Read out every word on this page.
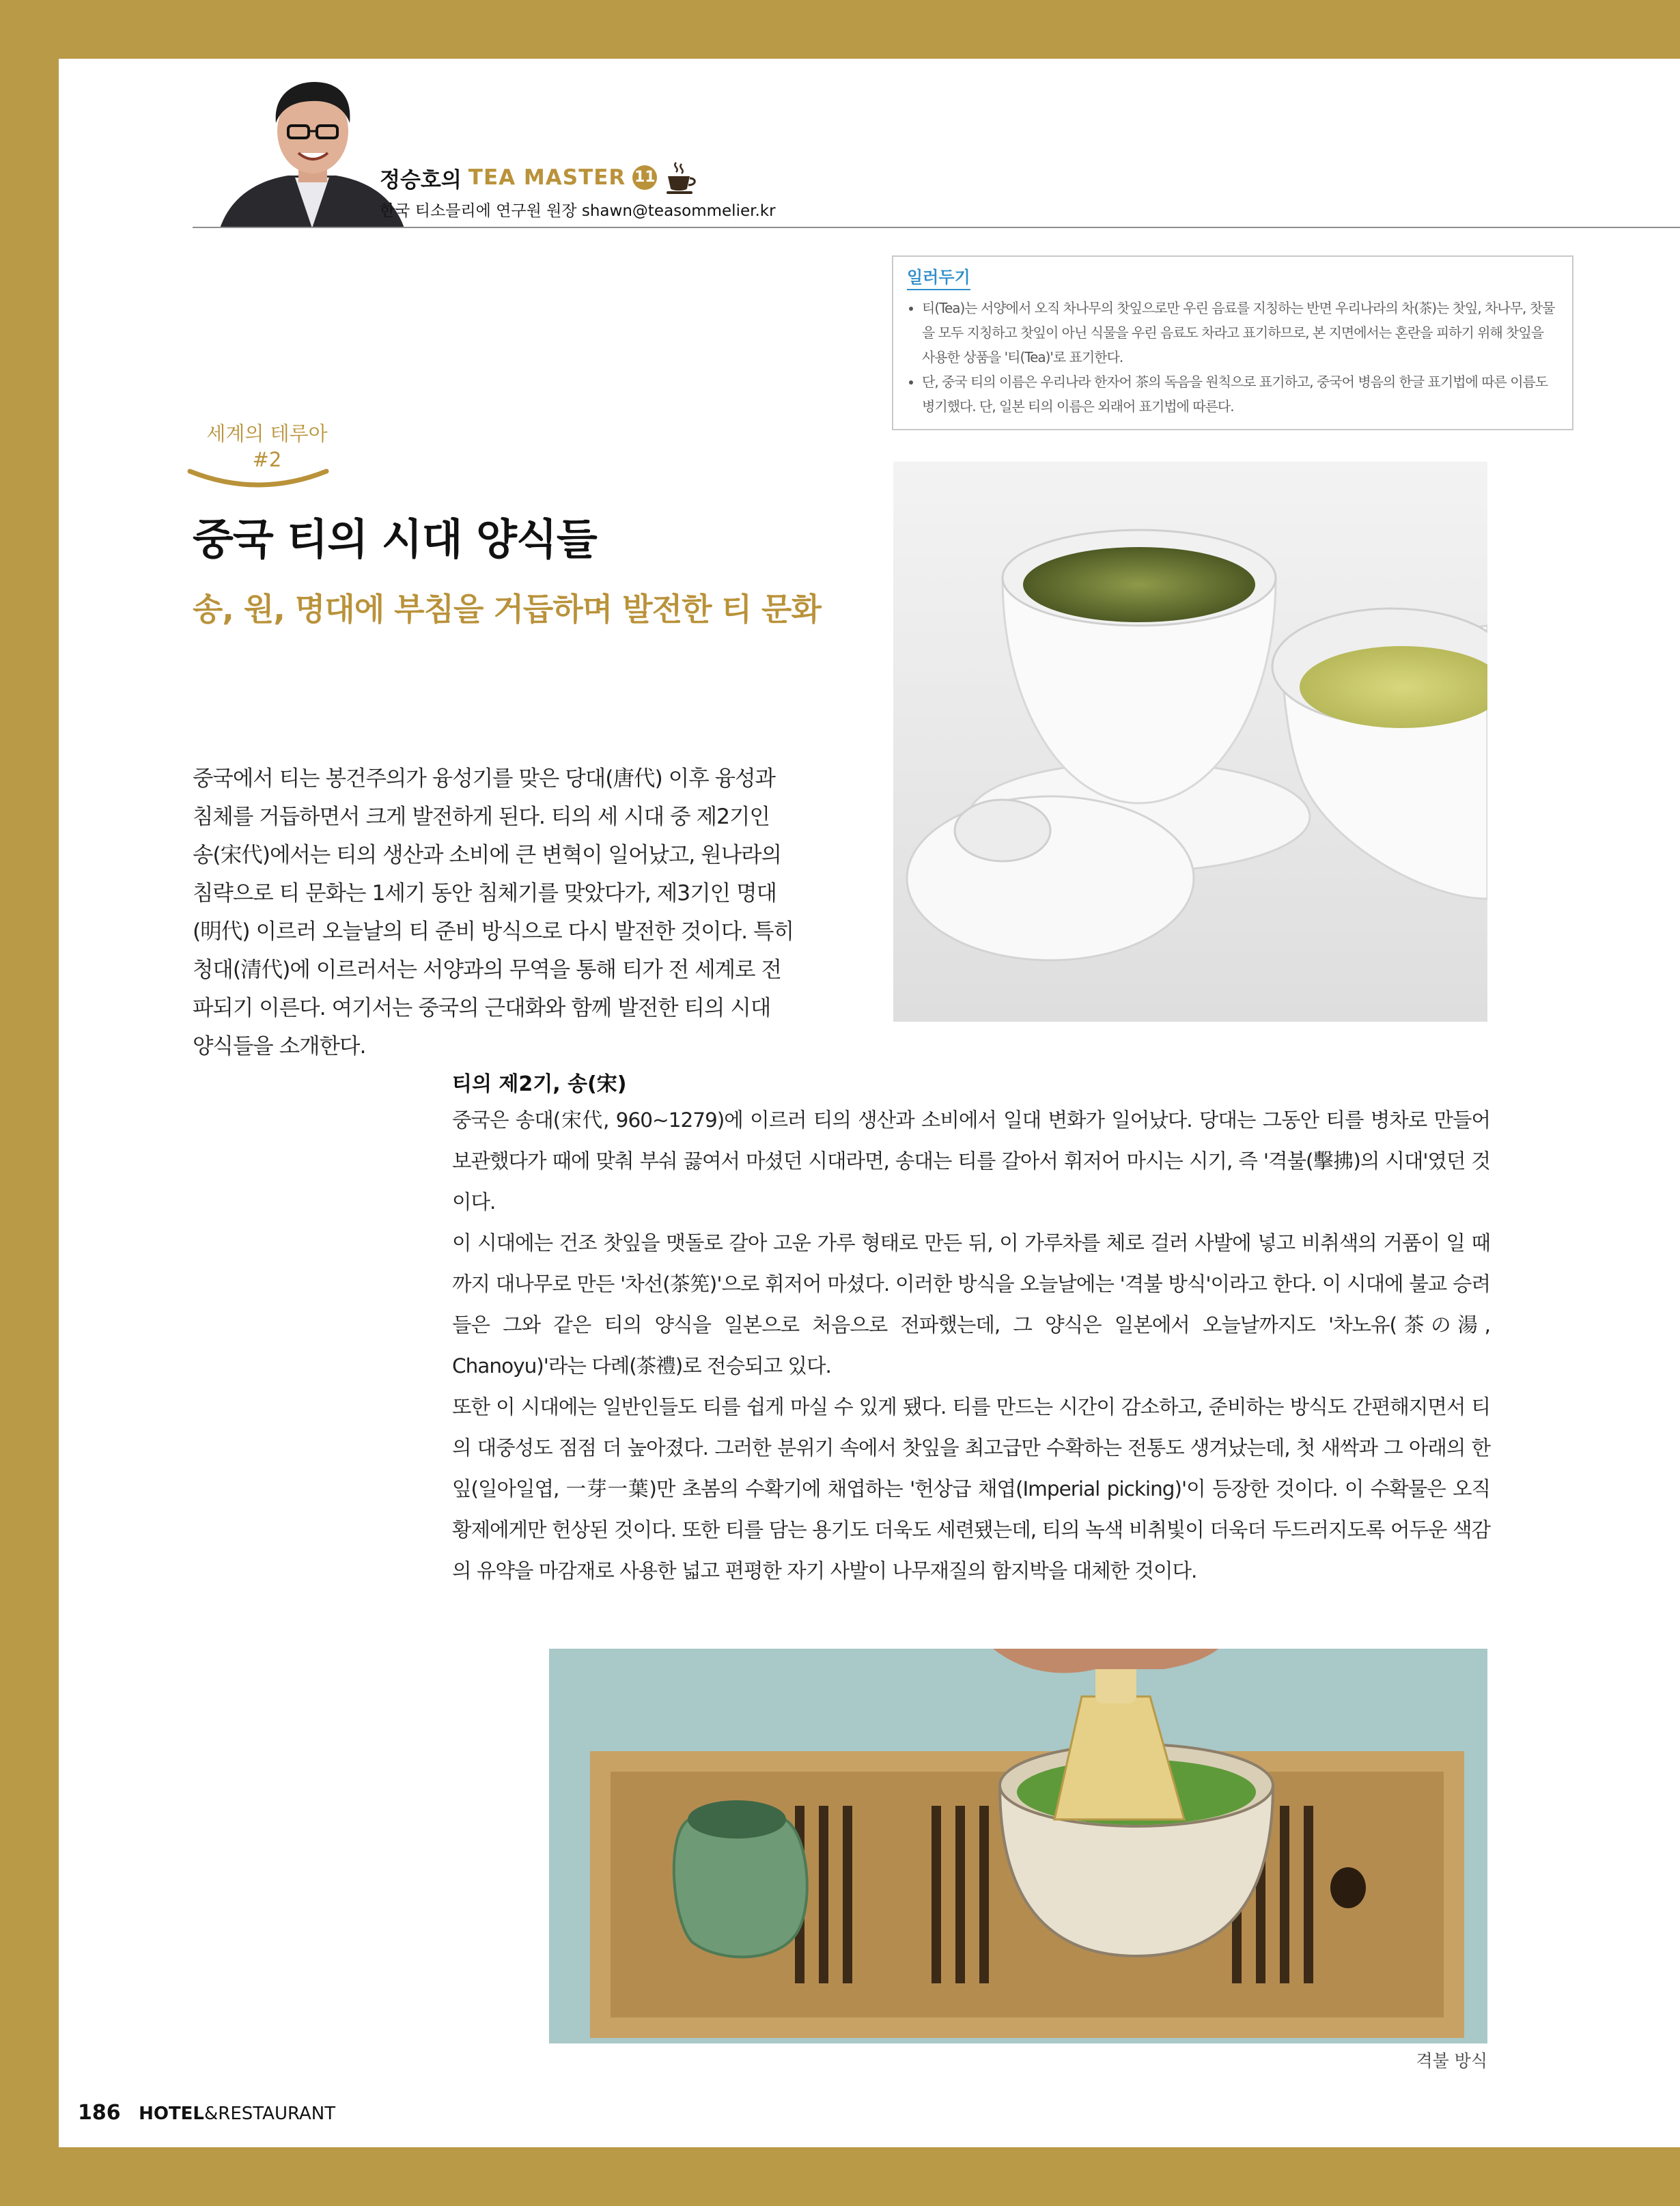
정승호의 TEA MASTER 11
한국 티소믈리에 연구원 원장 shawn@teasommelier.kr
일러두기
• 티(Tea)는 서양에서 오직 차나무의 찻잎으로만 우린 음료를 지칭하는 반면 우리나라의 차(茶)는 찻잎, 차나무, 찻물을 모두 지칭하고 찻잎이 아닌 식물을 우린 음료도 차라고 표기하므로, 본 지면에서는 혼란을 피하기 위해 찻잎을 사용한 상품을 '티(Tea)'로 표기한다.
• 단, 중국 티의 이름은 우리나라 한자어 茶의 독음을 원칙으로 표기하고, 중국어 병음의 한글 표기법에 따른 이름도 병기했다. 단, 일본 티의 이름은 외래어 표기법에 따른다.
세계의 테루아
#2
중국 티의 시대 양식들
송, 원, 명대에 부침을 거듭하며 발전한 티 문화
중국에서 티는 봉건주의가 융성기를 맞은 당대(唐代) 이후 융성과 침체를 거듭하면서 크게 발전하게 된다. 티의 세 시대 중 제2기인 송(宋代)에서는 티의 생산과 소비에 큰 변혁이 일어났고, 원나라의 침략으로 티 문화는 1세기 동안 침체기를 맞았다가, 제3기인 명대(明代) 이르러 오늘날의 티 준비 방식으로 다시 발전한 것이다. 특히 청대(清代)에 이르러서는 서양과의 무역을 통해 티가 전 세계로 전파되기 이른다. 여기서는 중국의 근대화와 함께 발전한 티의 시대 양식들을 소개한다.
티의 제2기, 송(宋)

중국은 송대(宋代, 960~1279)에 이르러 티의 생산과 소비에서 일대 변화가 일어났다. 당대는 그동안 티를 병차로 만들어 보관했다가 때에 맞춰 부숴 끓여서 마셨던 시대라면, 송대는 티를 갈아서 휘저어 마시는 시기, 즉 '격불(擊拂)의 시대'였던 것이다.

이 시대에는 건조 찻잎을 맷돌로 갈아 고운 가루 형태로 만든 뒤, 이 가루차를 체로 걸러 사발에 넣고 비취색의 거품이 일 때까지 대나무로 만든 '차선(茶筅)'으로 휘저어 마셨다. 이러한 방식을 오늘날에는 '격불 방식'이라고 한다. 이 시대에 불교 승려들은 그와 같은 티의 양식을 일본으로 처음으로 전파했는데, 그 양식은 일본에서 오늘날까지도 '차노유(茶の湯, Chanoyu)'라는 다례(茶禮)로 전승되고 있다.

또한 이 시대에는 일반인들도 티를 쉽게 마실 수 있게 됐다. 티를 만드는 시간이 감소하고, 준비하는 방식도 간편해지면서 티의 대중성도 점점 더 높아졌다. 그러한 분위기 속에서 찻잎을 최고급만 수확하는 전통도 생겨났는데, 첫 새싹과 그 아래의 한 잎(일아일엽, 一芽一葉)만 초봄의 수확기에 채엽하는 '헌상급 채엽(Imperial picking)'이 등장한 것이다. 이 수확물은 오직 황제에게만 헌상된 것이다. 또한 티를 담는 용기도 더욱도 세련됐는데, 티의 녹색 비취빛이 더욱더 두드러지도록 어두운 색감의 유약을 마감재로 사용한 넓고 편평한 자기 사발이 나무재질의 함지박을 대체한 것이다.

격불 방식
186 HOTEL&RESTAURANT
